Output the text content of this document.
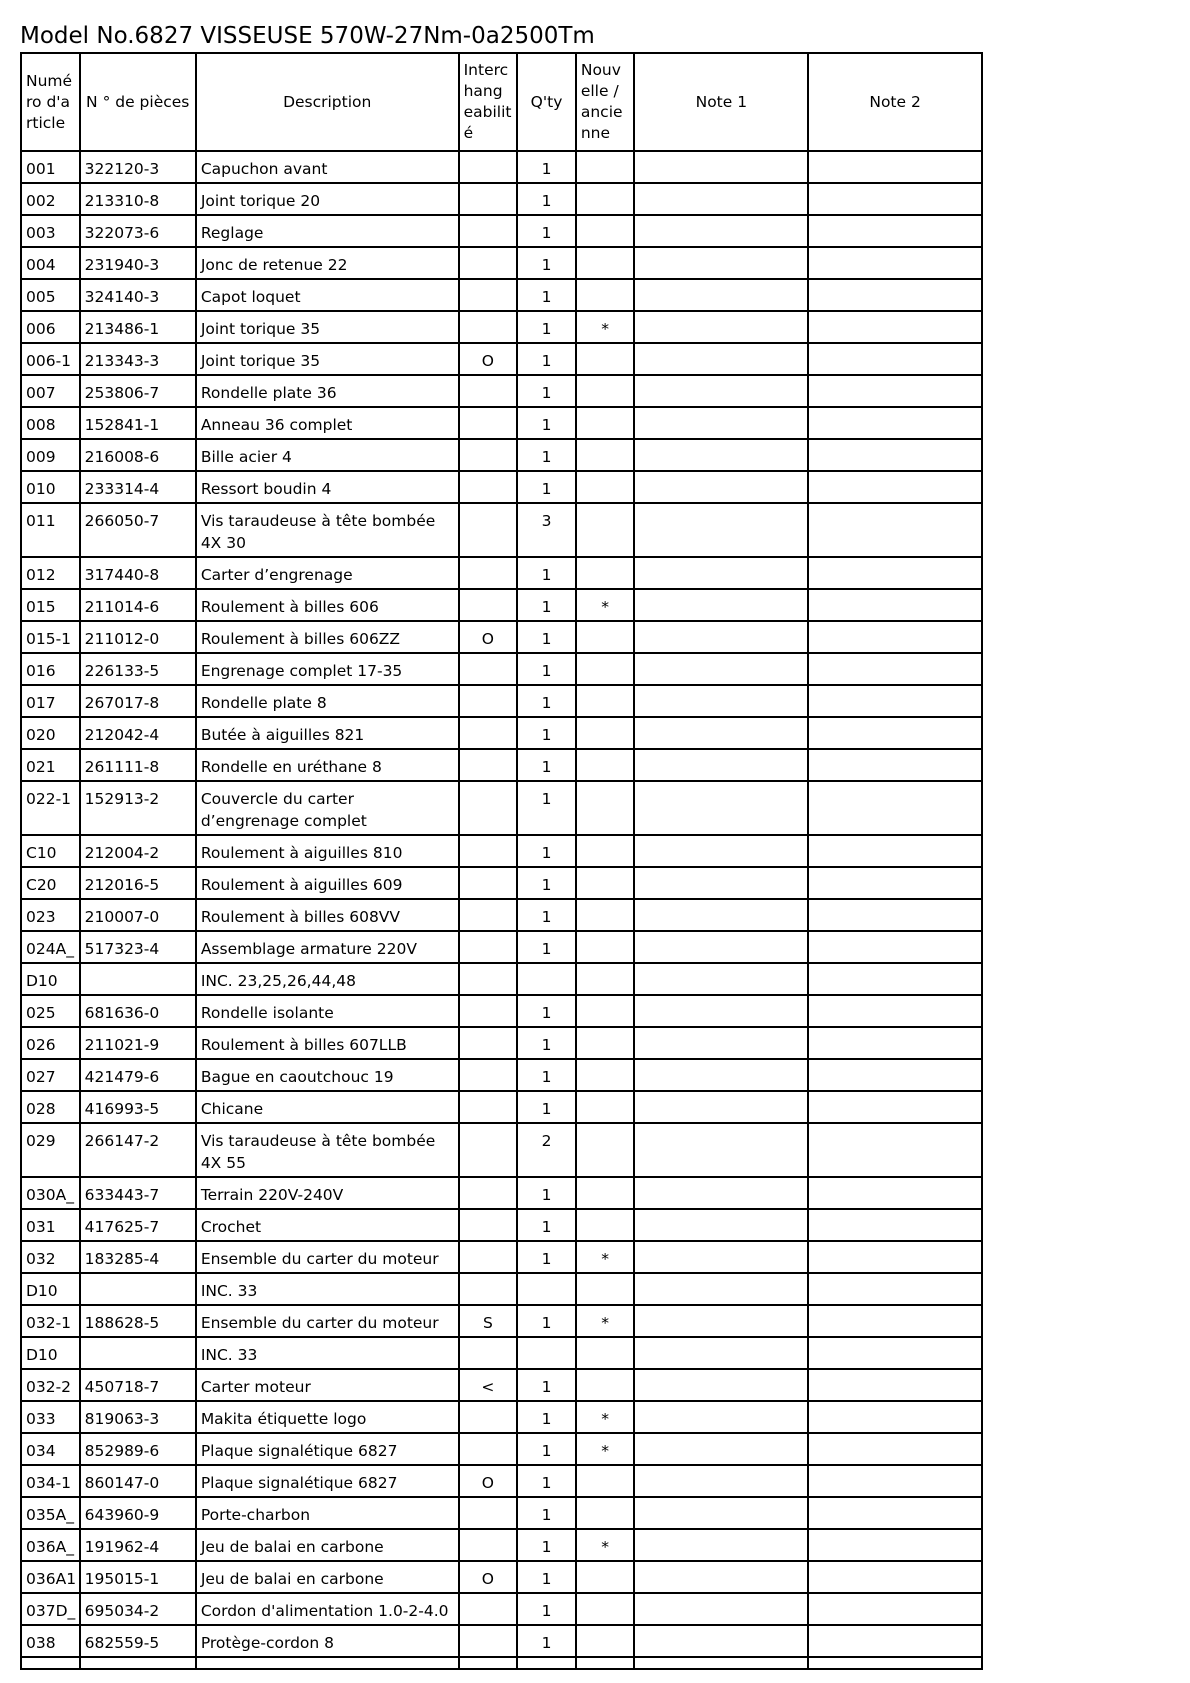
Model No.6827 VISSEUSE 570W-27Nm-0a2500Tm
Numé ro d'a rticle	N ° de pièces	Description	Interc hang eabilit é	Q'ty	Nouv elle / ancie nne	Note 1	Note 2
001	322120-3	Capuchon avant		1			
002	213310-8	Joint torique 20		1			
003	322073-6	Reglage		1			
004	231940-3	Jonc de retenue 22		1			
005	324140-3	Capot loquet		1			
006	213486-1	Joint torique 35		1	*		
006-1	213343-3	Joint torique 35	O	1			
007	253806-7	Rondelle plate 36		1			
008	152841-1	Anneau 36 complet		1			
009	216008-6	Bille acier 4		1			
010	233314-4	Ressort boudin 4		1			
011	266050-7	Vis taraudeuse à tête bombée 4X 30		3			
012	317440-8	Carter d’engrenage		1			
015	211014-6	Roulement à billes 606		1	*		
015-1	211012-0	Roulement à billes 606ZZ	O	1			
016	226133-5	Engrenage complet 17-35		1			
017	267017-8	Rondelle plate 8		1			
020	212042-4	Butée à aiguilles 821		1			
021	261111-8	Rondelle en uréthane 8		1			
022-1	152913-2	Couvercle du carter d’engrenage complet		1			
C10	212004-2	Roulement à aiguilles 810		1			
C20	212016-5	Roulement à aiguilles 609		1			
023	210007-0	Roulement à billes 608VV		1			
024A_	517323-4	Assemblage armature 220V		1			
D10		INC. 23,25,26,44,48					
025	681636-0	Rondelle isolante		1			
026	211021-9	Roulement à billes 607LLB		1			
027	421479-6	Bague en caoutchouc 19		1			
028	416993-5	Chicane		1			
029	266147-2	Vis taraudeuse à tête bombée 4X 55		2			
030A_	633443-7	Terrain 220V-240V		1			
031	417625-7	Crochet		1			
032	183285-4	Ensemble du carter du moteur		1	*		
D10		INC. 33					
032-1	188628-5	Ensemble du carter du moteur	S	1	*		
D10		INC. 33					
032-2	450718-7	Carter moteur	<	1			
033	819063-3	Makita étiquette logo		1	*		
034	852989-6	Plaque signalétique 6827		1	*		
034-1	860147-0	Plaque signalétique 6827	O	1			
035A_	643960-9	Porte-charbon		1			
036A_	191962-4	Jeu de balai en carbone		1	*		
036A1	195015-1	Jeu de balai en carbone	O	1			
037D_	695034-2	Cordon d'alimentation 1.0-2-4.0		1			
038	682559-5	Protège-cordon 8		1			
